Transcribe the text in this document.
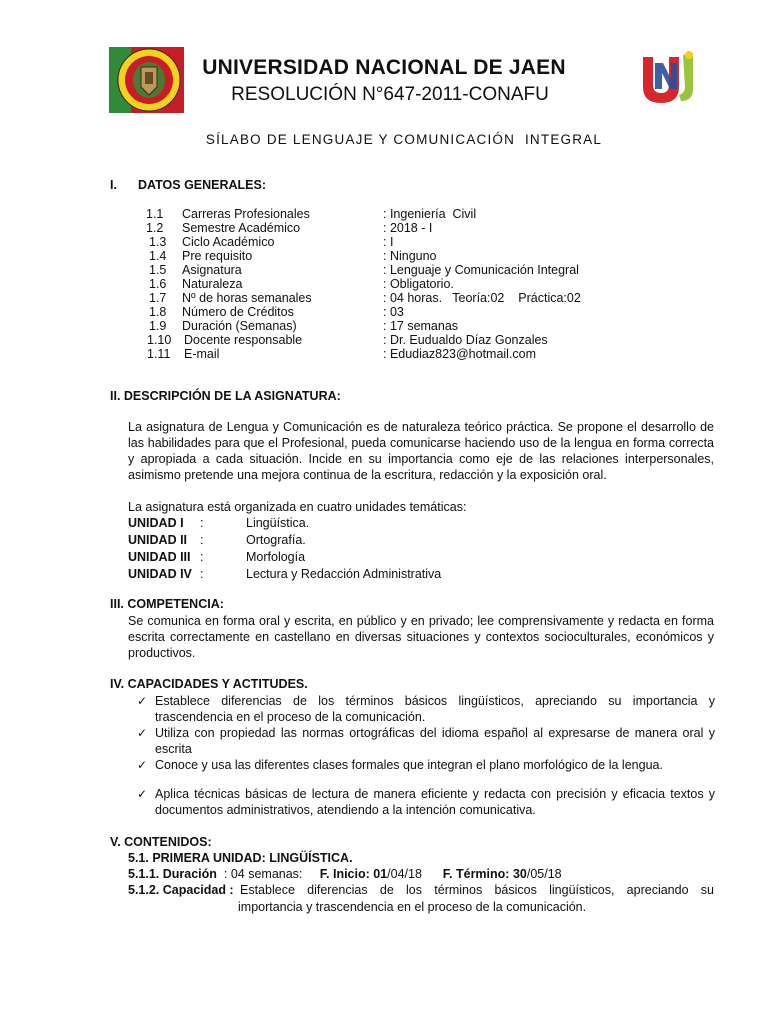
UNIVERSIDAD NACIONAL DE JAEN
RESOLUCIÓN N°647-2011-CONAFU
SÍLABO DE LENGUAJE Y COMUNICACIÓN  INTEGRAL
I. DATOS GENERALES:
1.1 Carreras Profesionales	: Ingeniería  Civil
1.2 Semestre Académico	: 2018 - I
1.3 Ciclo Académico	: I
1.4 Pre requisito	: Ninguno
1.5 Asignatura	: Lenguaje y Comunicación Integral
1.6 Naturaleza	: Obligatorio.
1.7 Nº de horas semanales	: 04 horas.   Teoría:02    Práctica:02
1.8 Número de Créditos	: 03
1.9 Duración (Semanas)	: 17 semanas
1.10 Docente responsable	: Dr. Eudualdo Díaz Gonzales
1.11 E-mail	: Edudiaz823@hotmail.com
II. DESCRIPCIÓN DE LA ASIGNATURA:
La asignatura de Lengua y Comunicación es de naturaleza teórico práctica. Se propone el desarrollo de las habilidades para que el Profesional, pueda comunicarse haciendo uso de la lengua en forma correcta y apropiada a cada situación. Incide en su importancia como eje de las relaciones interpersonales, asimismo pretende una mejora continua de la escritura, redacción y la exposición oral.
La asignatura está organizada en cuatro unidades temáticas:
UNIDAD I :	Lingüística.
UNIDAD II :	Ortografía.
UNIDAD III :	Morfología
UNIDAD IV :	Lectura y Redacción Administrativa
III. COMPETENCIA:
Se comunica en forma oral y escrita, en público y en privado; lee comprensivamente y redacta en forma escrita correctamente en castellano en diversas situaciones y contextos socioculturales, económicos y productivos.
IV. CAPACIDADES Y ACTITUDES.
✓ Establece diferencias de los términos básicos lingüísticos, apreciando su importancia y trascendencia en el proceso de la comunicación.
✓ Utiliza con propiedad las normas ortográficas del idioma español al expresarse de manera oral y escrita
✓ Conoce y usa las diferentes clases formales que integran el plano morfológico de la lengua.
✓ Aplica técnicas básicas de lectura de manera eficiente y redacta con precisión y eficacia textos y documentos administrativos, atendiendo a la intención comunicativa.
V. CONTENIDOS:
5.1. PRIMERA UNIDAD: LINGÜÍSTICA.
5.1.1. Duración  : 04 semanas: F. Inicio: 01/04/18 F. Término: 30/05/18
5.1.2. Capacidad : Establece diferencias de los términos básicos lingüísticos, apreciando su
importancia y trascendencia en el proceso de la comunicación.
